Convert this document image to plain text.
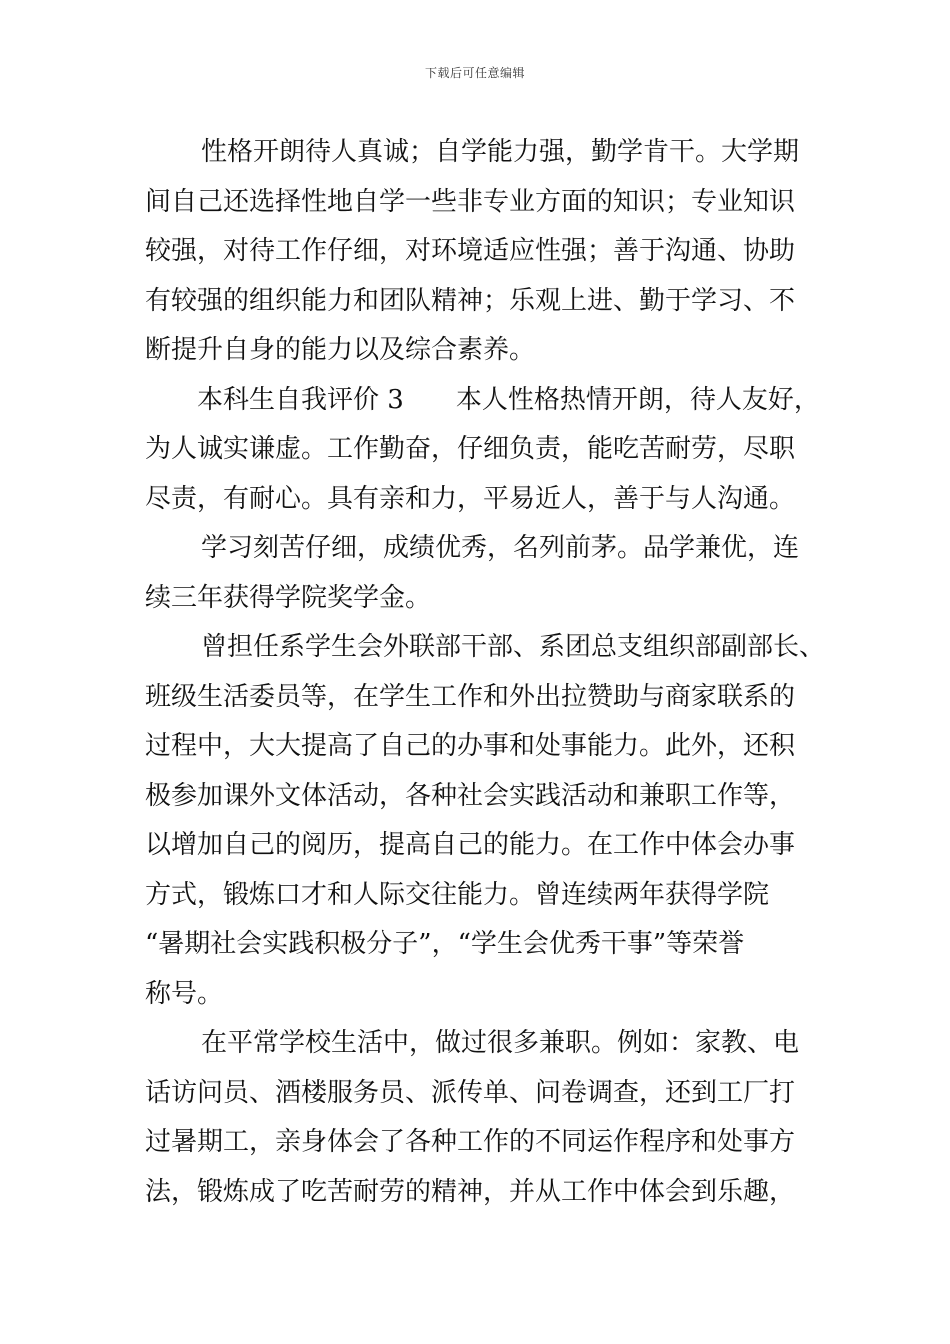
下载后可任意编辑
性格开朗待人真诚；自学能力强，勤学肯干。大学期
间自己还选择性地自学一些非专业方面的知识；专业知识
较强，对待工作仔细，对环境适应性强；善于沟通、协助
有较强的组织能力和团队精神；乐观上进、勤于学习、不
断提升自身的能力以及综合素养。
本科生自我评价 3 本人性格热情开朗，待人友好，
为人诚实谦虚。工作勤奋，仔细负责，能吃苦耐劳，尽职
尽责，有耐心。具有亲和力，平易近人，善于与人沟通。
学习刻苦仔细，成绩优秀，名列前茅。品学兼优，连
续三年获得学院奖学金。
曾担任系学生会外联部干部、系团总支组织部副部长、
班级生活委员等，在学生工作和外出拉赞助与商家联系的
过程中，大大提高了自己的办事和处事能力。此外，还积
极参加课外文体活动，各种社会实践活动和兼职工作等，
以增加自己的阅历，提高自己的能力。在工作中体会办事
方式，锻炼口才和人际交往能力。曾连续两年获得学院
“暑期社会实践积极分子”，“学生会优秀干事”等荣誉
称号。
在平常学校生活中，做过很多兼职。例如：家教、电
话访问员、酒楼服务员、派传单、问卷调查，还到工厂打
过暑期工，亲身体会了各种工作的不同运作程序和处事方
法，锻炼成了吃苦耐劳的精神，并从工作中体会到乐趣，
